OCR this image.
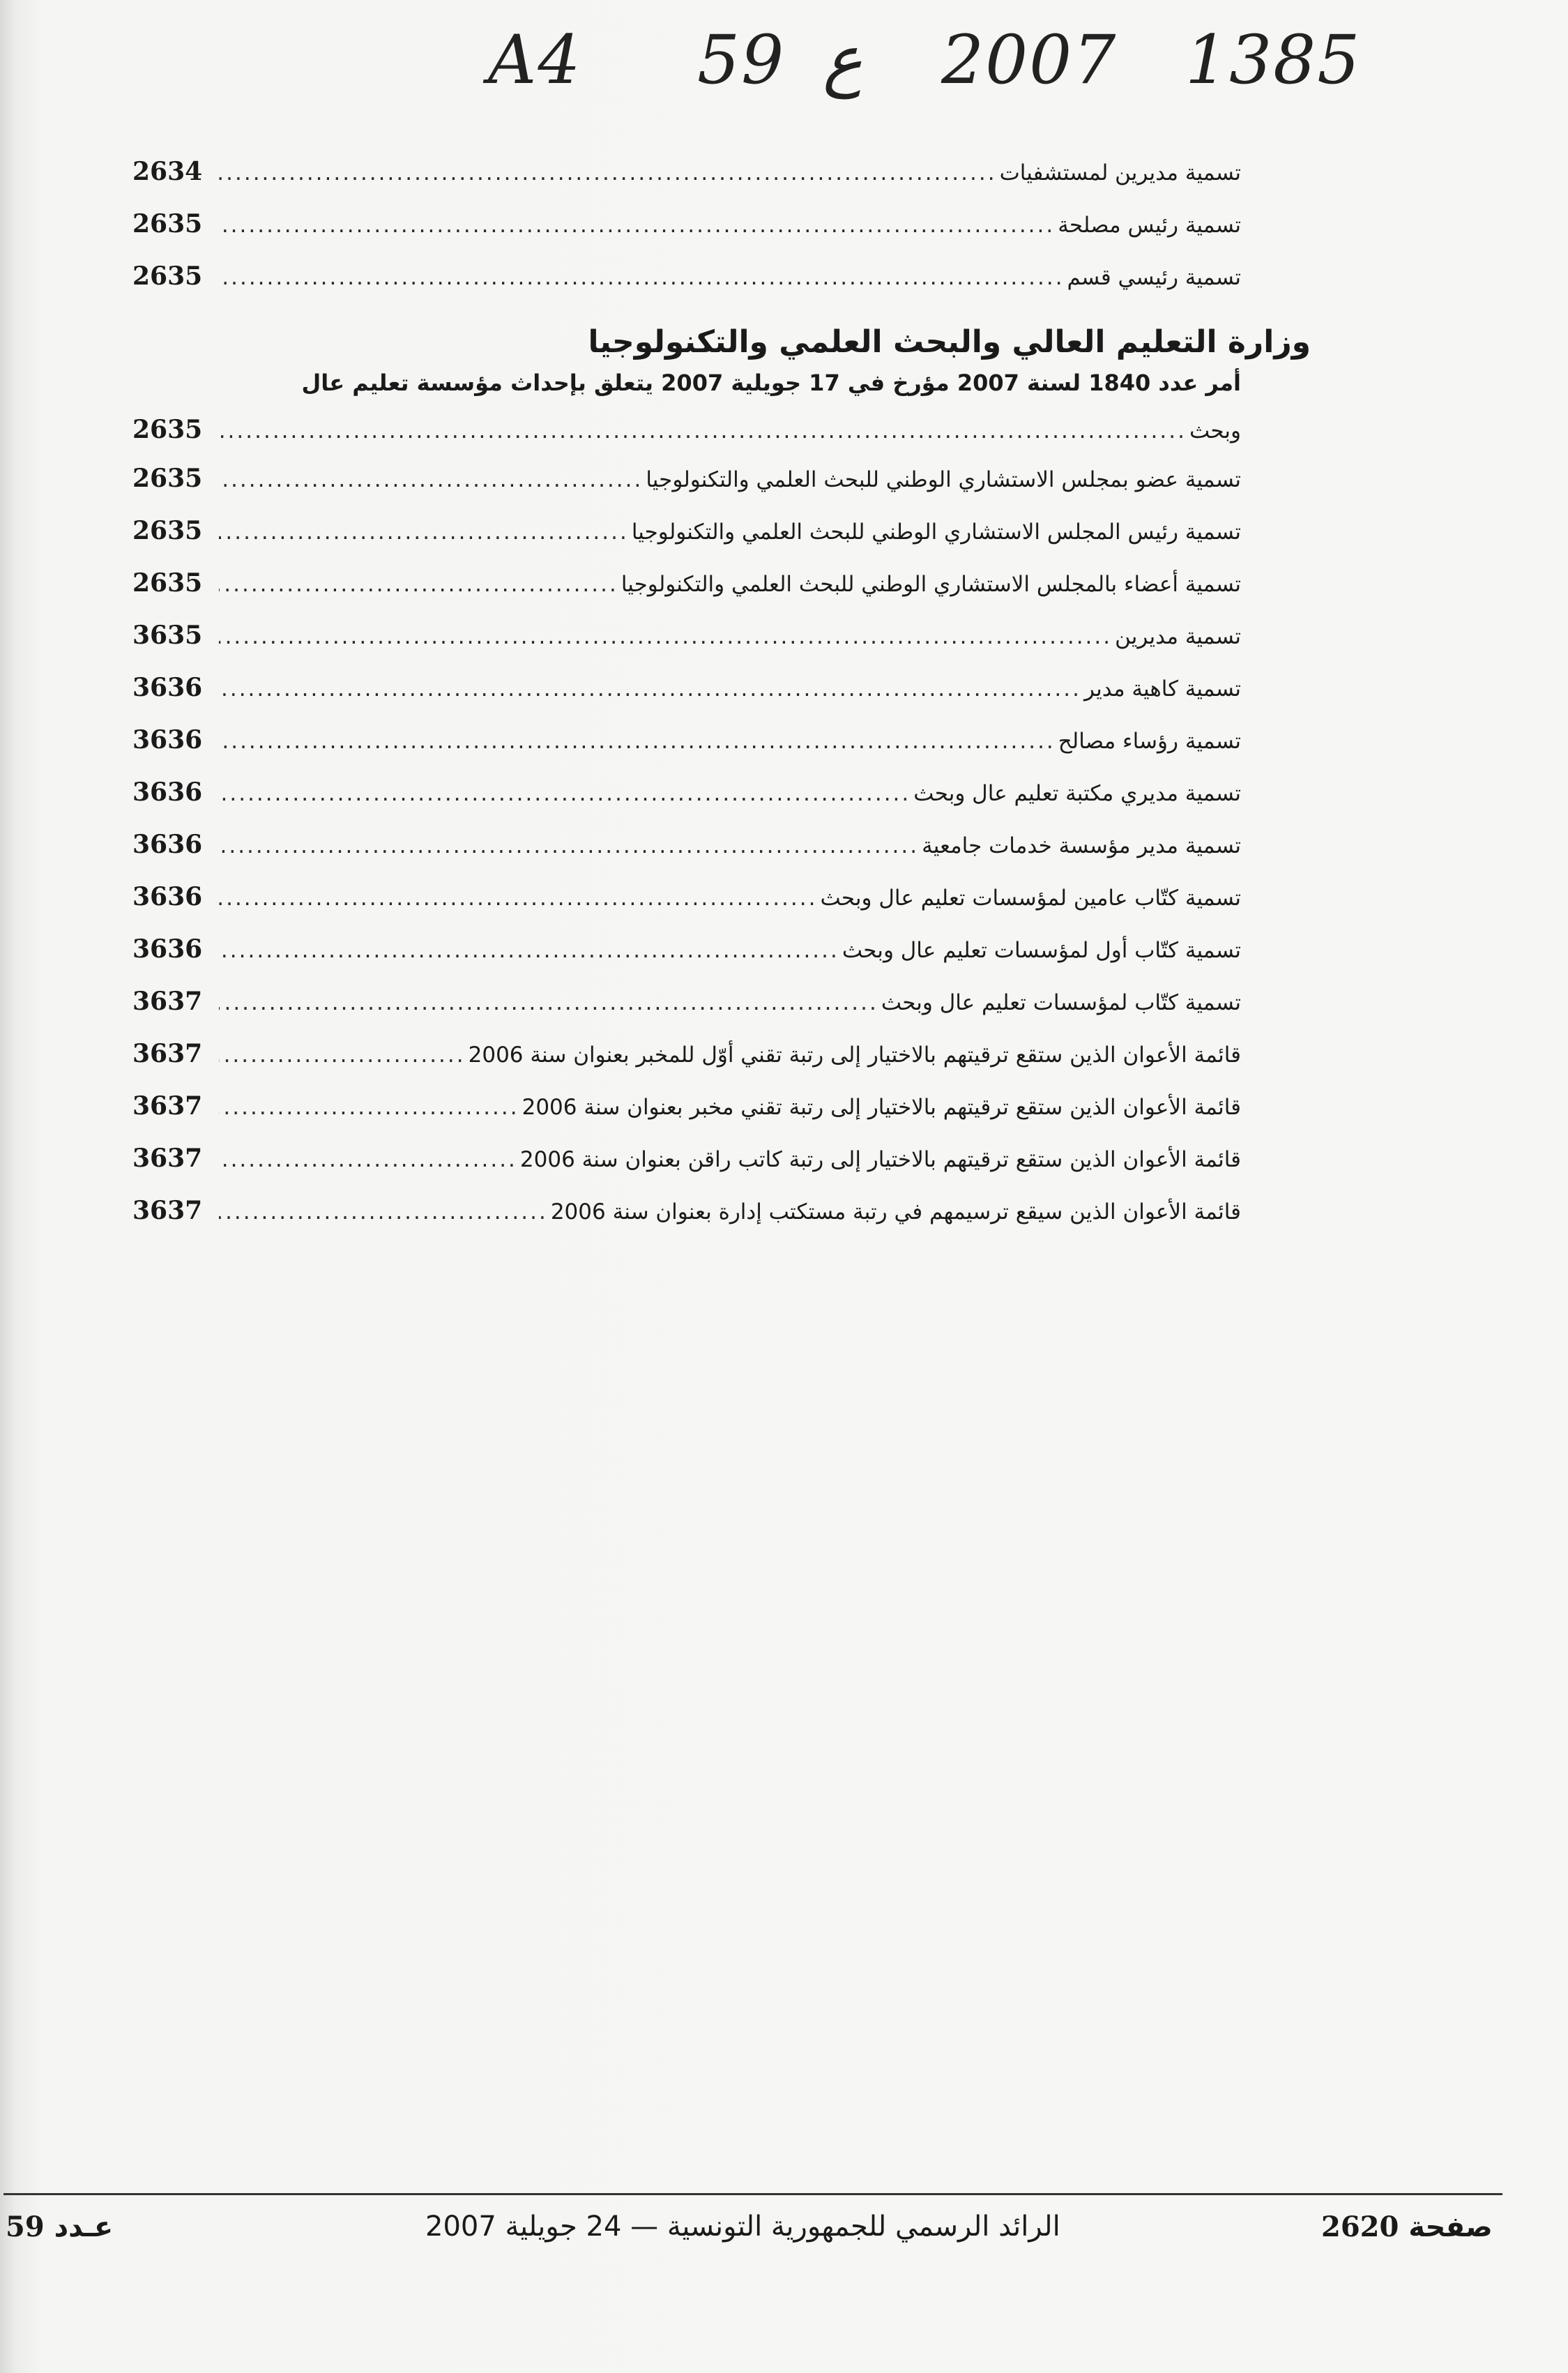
A4 59 ع 2007 1385
تسمية مديرين لمستشفيات
.....
2634
تسمية رئيس مصلحة
.....
2635
تسمية رئيسي قسم
.....
2635
وزارة التعليم العالي والبحث العلمي والتكنولوجيا
أمر عدد 1840 لسنة 2007 مؤرخ في 17 جويلية 2007 يتعلق بإحداث مؤسسة تعليم عال
وبحث
.....
2635
تسمية عضو بمجلس الاستشاري الوطني للبحث العلمي والتكنولوجيا
.....
2635
تسمية رئيس المجلس الاستشاري الوطني للبحث العلمي والتكنولوجيا
.....
2635
تسمية أعضاء بالمجلس الاستشاري الوطني للبحث العلمي والتكنولوجيا
.....
2635
تسمية مديرين
.....
3635
تسمية كاهية مدير
.....
3636
تسمية رؤساء مصالح
.....
3636
تسمية مديري مكتبة تعليم عال وبحث
.....
3636
تسمية مدير مؤسسة خدمات جامعية
.....
3636
تسمية كتّاب عامين لمؤسسات تعليم عال وبحث
.....
3636
تسمية كتّاب أول لمؤسسات تعليم عال وبحث
.....
3636
تسمية كتّاب لمؤسسات تعليم عال وبحث
.....
3637
قائمة الأعوان الذين ستقع ترقيتهم بالاختيار إلى رتبة تقني أوّل للمخبر بعنوان سنة 2006
.....
3637
قائمة الأعوان الذين ستقع ترقيتهم بالاختيار إلى رتبة تقني مخبر بعنوان سنة 2006
.....
3637
قائمة الأعوان الذين ستقع ترقيتهم بالاختيار إلى رتبة كاتب راقن بعنوان سنة 2006
.....
3637
قائمة الأعوان الذين سيقع ترسيمهم في رتبة مستكتب إدارة بعنوان سنة 2006
.....
3637
عـدد 59	الرائد الرسمي للجمهورية التونسية — 24 جويلية 2007	صفحة 2620
